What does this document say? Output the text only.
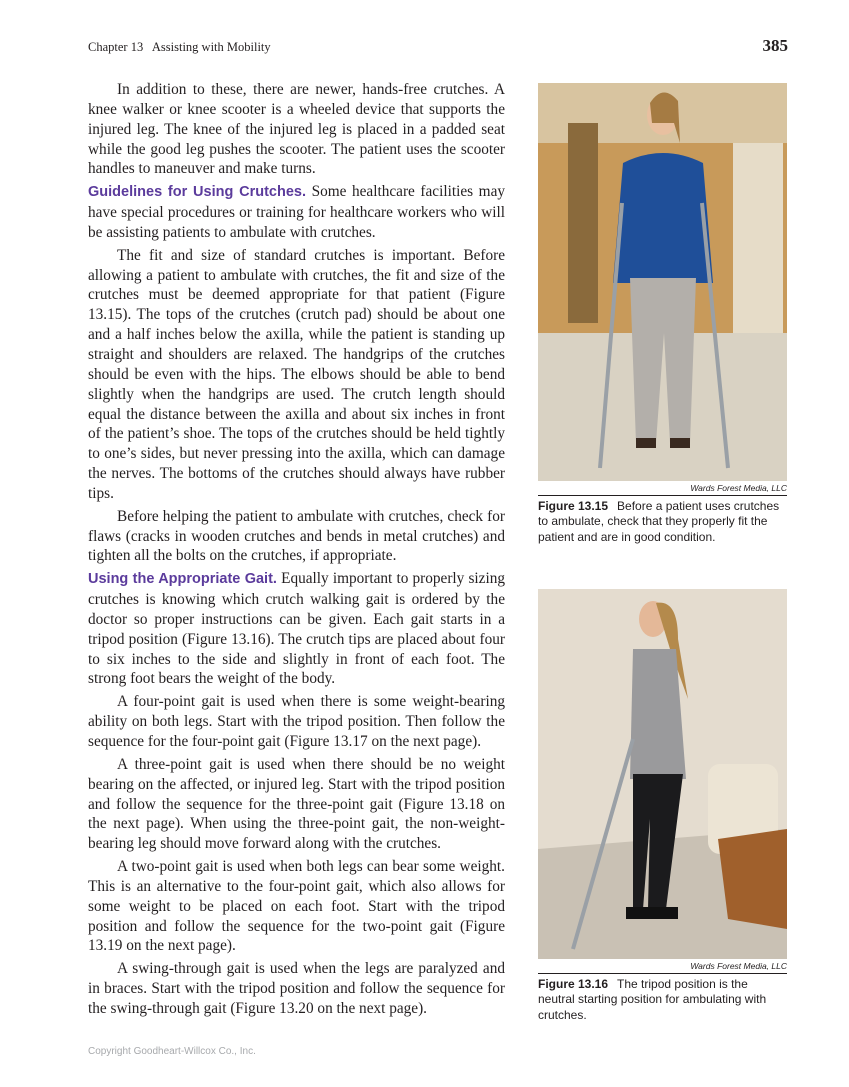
Chapter 13   Assisting with Mobility	385

In addition to these, there are newer, hands-free crutches. A knee walker or knee scooter is a wheeled device that supports the injured leg. The knee of the injured leg is placed in a padded seat while the good leg pushes the scooter. The patient uses the scooter handles to maneuver and make turns.

Guidelines for Using Crutches. Some healthcare facilities may have special procedures or training for healthcare workers who will be assisting patients to ambulate with crutches.

The fit and size of standard crutches is important. Before allowing a patient to ambulate with crutches, the fit and size of the crutches must be deemed appropriate for that patient (Figure 13.15). The tops of the crutches (crutch pad) should be about one and a half inches below the axilla, while the patient is standing up straight and shoulders are relaxed. The handgrips of the crutches should be even with the hips. The elbows should be able to bend slightly when the handgrips are used. The crutch length should equal the distance between the axilla and about six inches in front of the patient’s shoe. The tops of the crutches should be held tightly to one’s sides, but never pressing into the axilla, which can damage the nerves. The bottoms of the crutches should always have rubber tips.

Before helping the patient to ambulate with crutches, check for flaws (cracks in wooden crutches and bends in metal crutches) and tighten all the bolts on the crutches, if appropriate.

Using the Appropriate Gait. Equally important to properly sizing crutches is knowing which crutch walking gait is ordered by the doctor so proper instructions can be given. Each gait starts in a tripod position (Figure 13.16). The crutch tips are placed about four to six inches to the side and slightly in front of each foot. The strong foot bears the weight of the body.

A four-point gait is used when there is some weight-bearing ability on both legs. Start with the tripod position. Then follow the sequence for the four-point gait (Figure 13.17 on the next page).

A three-point gait is used when there should be no weight bearing on the affected, or injured leg. Start with the tripod position and follow the sequence for the three-point gait (Figure 13.18 on the next page). When using the three-point gait, the non-weight-bearing leg should move forward along with the crutches.

A two-point gait is used when both legs can bear some weight. This is an alternative to the four-point gait, which also allows for some weight to be placed on each foot. Start with the tripod position and follow the sequence for the two-point gait (Figure 13.19 on the next page).

A swing-through gait is used when the legs are paralyzed and in braces. Start with the tripod position and follow the sequence for the swing-through gait (Figure 13.20 on the next page).

Wards Forest Media, LLC
Figure 13.15 Before a patient uses crutches to ambulate, check that they properly fit the patient and are in good condition.
Wards Forest Media, LLC
Figure 13.16 The tripod position is the neutral starting position for ambulating with crutches.
Copyright Goodheart-Willcox Co., Inc.
